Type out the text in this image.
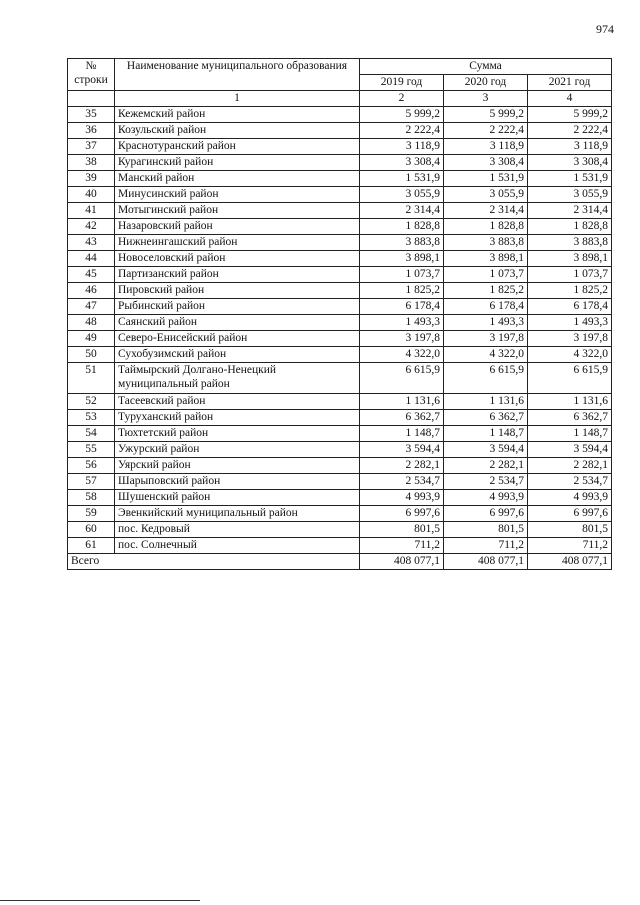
974
№ строки	Наименование муниципального образования	Сумма		
		2019 год	2020 год	2021 год
	1	2	3	4
35	Кежемский район	5 999,2	5 999,2	5 999,2
36	Козульский район	2 222,4	2 222,4	2 222,4
37	Краснотуранский район	3 118,9	3 118,9	3 118,9
38	Курагинский район	3 308,4	3 308,4	3 308,4
39	Манский район	1 531,9	1 531,9	1 531,9
40	Минусинский район	3 055,9	3 055,9	3 055,9
41	Мотыгинский район	2 314,4	2 314,4	2 314,4
42	Назаровский район	1 828,8	1 828,8	1 828,8
43	Нижнеингашский район	3 883,8	3 883,8	3 883,8
44	Новоселовский район	3 898,1	3 898,1	3 898,1
45	Партизанский район	1 073,7	1 073,7	1 073,7
46	Пировский район	1 825,2	1 825,2	1 825,2
47	Рыбинский район	6 178,4	6 178,4	6 178,4
48	Саянский район	1 493,3	1 493,3	1 493,3
49	Северо-Енисейский район	3 197,8	3 197,8	3 197,8
50	Сухобузимский район	4 322,0	4 322,0	4 322,0
51	Таймырский Долгано-Ненецкий муниципальный район	6 615,9	6 615,9	6 615,9
52	Тасеевский район	1 131,6	1 131,6	1 131,6
53	Туруханский район	6 362,7	6 362,7	6 362,7
54	Тюхтетский район	1 148,7	1 148,7	1 148,7
55	Ужурский район	3 594,4	3 594,4	3 594,4
56	Уярский район	2 282,1	2 282,1	2 282,1
57	Шарыповский район	2 534,7	2 534,7	2 534,7
58	Шушенский район	4 993,9	4 993,9	4 993,9
59	Эвенкийский муниципальный район	6 997,6	6 997,6	6 997,6
60	пос. Кедровый	801,5	801,5	801,5
61	пос. Солнечный	711,2	711,2	711,2
Всего		408 077,1	408 077,1	408 077,1
